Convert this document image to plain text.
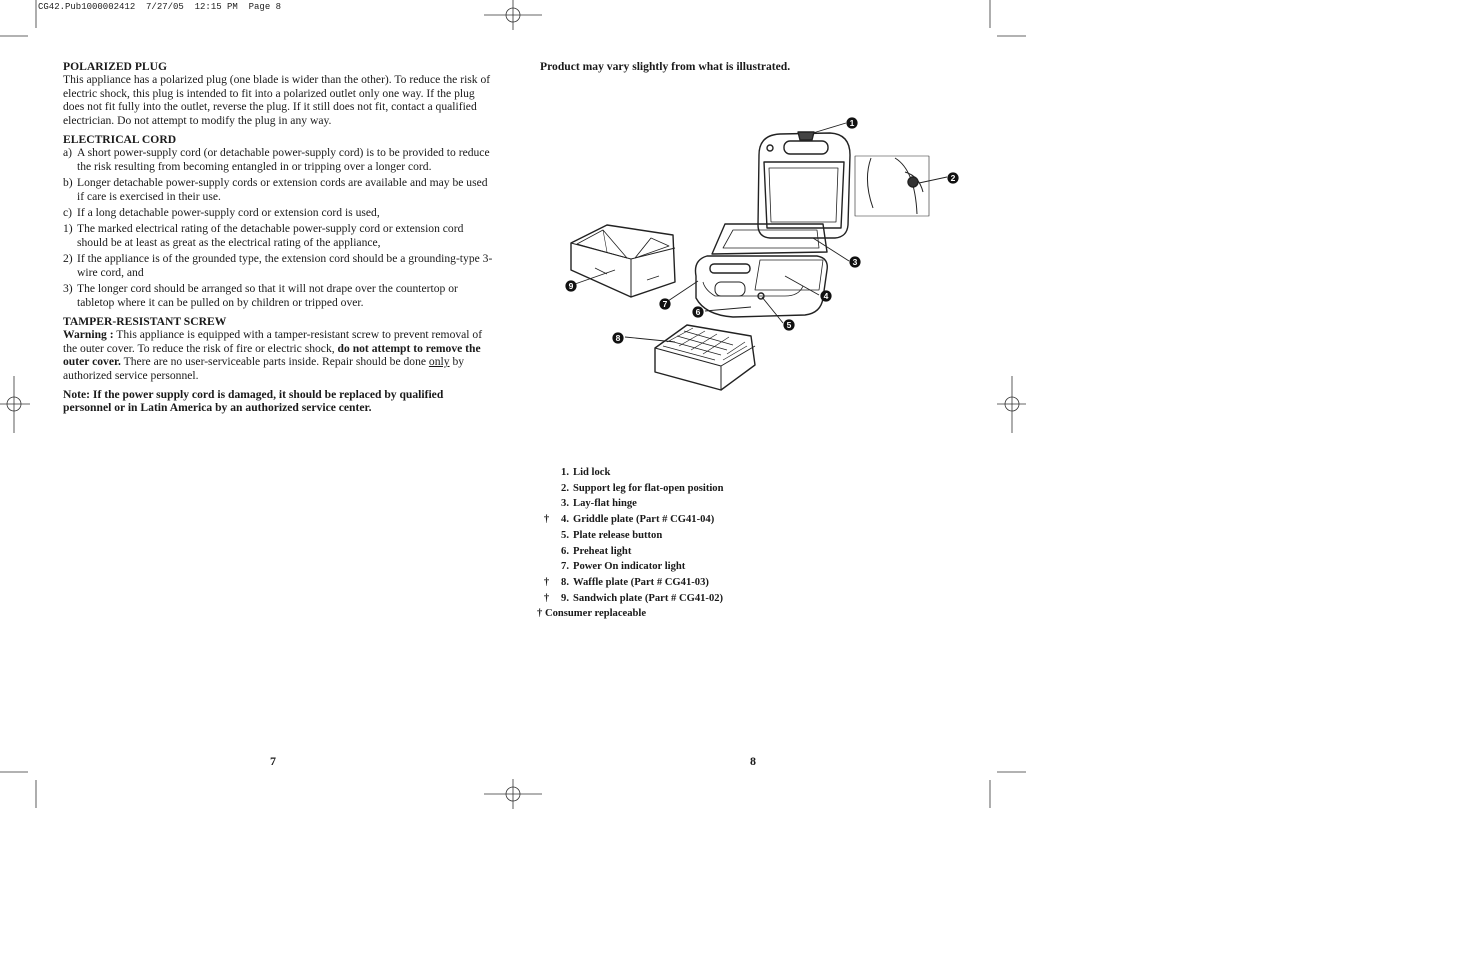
CG42.Pub1000002412  7/27/05  12:15 PM  Page 8
POLARIZED PLUG

This appliance has a polarized plug (one blade is wider than the other). To reduce the risk of electric shock, this plug is intended to fit into a polarized outlet only one way. If the plug does not fit fully into the outlet, reverse the plug. If it still does not fit, contact a qualified electrician. Do not attempt to modify the plug in any way.

ELECTRICAL CORD
a) A short power-supply cord (or detachable power-supply cord) is to be provided to reduce the risk resulting from becoming entangled in or tripping over a longer cord.
b) Longer detachable power-supply cords or extension cords are available and may be used if care is exercised in their use.
c) If a long detachable power-supply cord or extension cord is used,
1) The marked electrical rating of the detachable power-supply cord or extension cord should be at least as great as the electrical rating of the appliance,
2) If the appliance is of the grounded type, the extension cord should be a grounding-type 3-wire cord, and
3) The longer cord should be arranged so that it will not drape over the countertop or tabletop where it can be pulled on by children or tripped over.
TAMPER-RESISTANT SCREW

Warning : This appliance is equipped with a tamper-resistant screw to prevent removal of the outer cover. To reduce the risk of fire or electric shock, do not attempt to remove the outer cover. There are no user-serviceable parts inside. Repair should be done only by authorized service personnel.

Note: If the power supply cord is damaged, it should be replaced by qualified personnel or in Latin America by an authorized service center.

Product may vary slightly from what is illustrated.
1
2
3
4
5
6
7
8
9
1. Lid lock
2. Support leg for flat-open position
3. Lay-flat hinge
†	4. Griddle plate (Part # CG41-04)
5. Plate release button
6. Preheat light
7. Power On indicator light
†	8. Waffle plate (Part # CG41-03)
†	9. Sandwich plate (Part # CG41-02)
† Consumer replaceable
7	8
